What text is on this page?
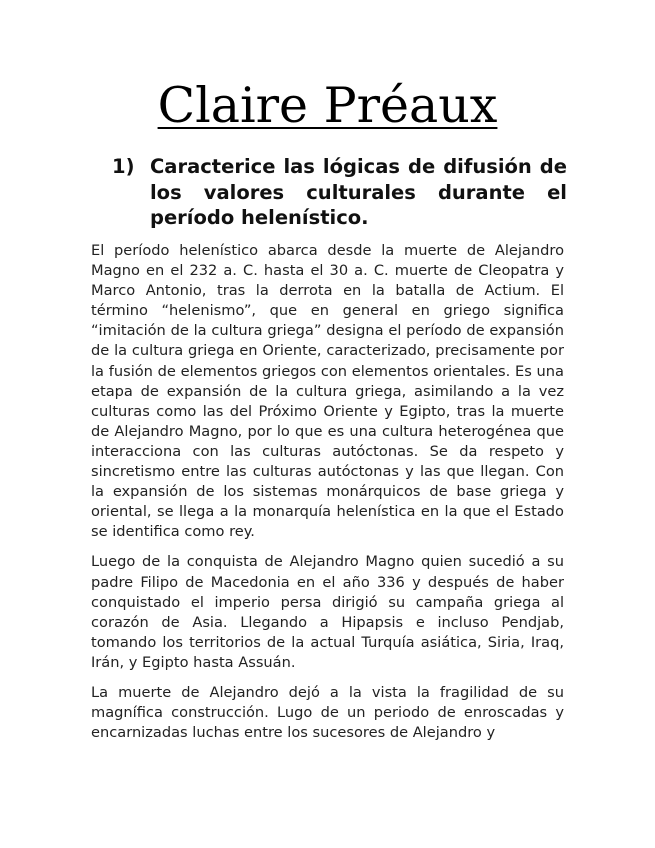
Claire Préaux
1) Caracterice las lógicas de difusión de los valores culturales durante el período helenístico.

El período helenístico abarca desde la muerte de Alejandro Magno en el 232 a. C. hasta el 30 a. C. muerte de Cleopatra y Marco Antonio, tras la derrota en la batalla de Actium. El término “helenismo”, que en general en griego significa “imitación de la cultura griega” designa el período de expansión de la cultura griega en Oriente, caracterizado, precisamente por la fusión de elementos griegos con elementos orientales. Es una etapa de expansión de la cultura griega, asimilando a la vez culturas como las del Próximo Oriente y Egipto, tras la muerte de Alejandro Magno, por lo que es una cultura heterogénea que interacciona con las culturas autóctonas. Se da respeto y sincretismo entre las culturas autóctonas y las que llegan. Con la expansión de los sistemas monárquicos de base griega y oriental, se llega a la monarquía helenística en la que el Estado se identifica como rey.

Luego de la conquista de Alejandro Magno quien sucedió a su padre Filipo de Macedonia en el año 336 y después de haber conquistado el imperio persa dirigió su campaña griega al corazón de Asia. Llegando a Hipapsis e incluso Pendjab, tomando los territorios de la actual Turquía asiática, Siria, Iraq, Irán, y Egipto hasta Assuán.

La muerte de Alejandro dejó a la vista la fragilidad de su magnífica construcción. Lugo de un periodo de enroscadas y encarnizadas luchas entre los sucesores de Alejandro y
